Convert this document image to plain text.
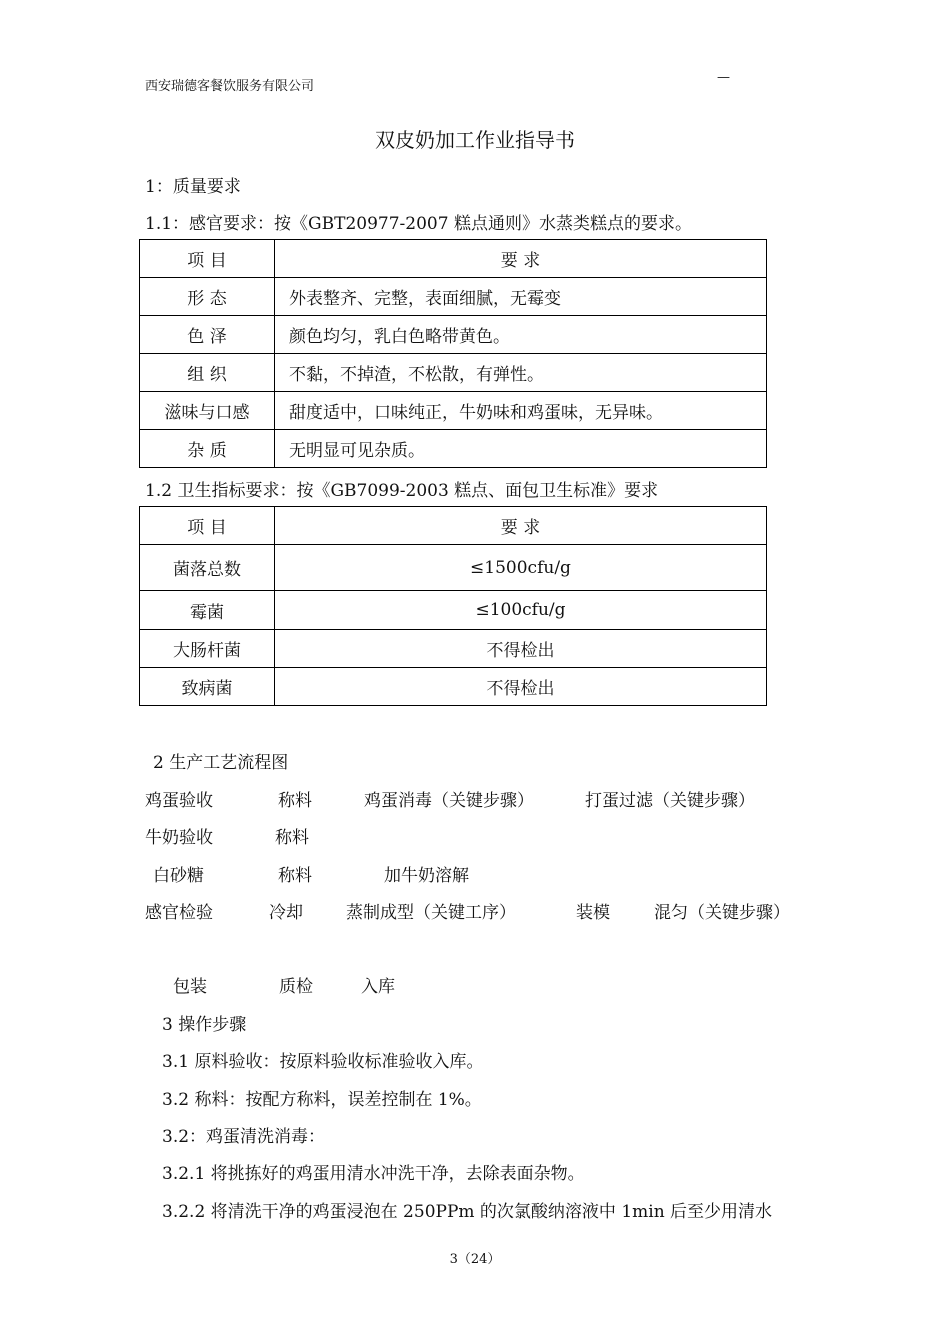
西安瑞德客餐饮服务有限公司
—
双皮奶加工作业指导书
1：质量要求
1.1：感官要求：按《GBT20977-2007 糕点通则》水蒸类糕点的要求。
项 目	要 求
形 态	外表整齐、完整，表面细腻，无霉变
色 泽	颜色均匀，乳白色略带黄色。
组 织	不黏，不掉渣，不松散，有弹性。
滋味与口感	甜度适中，口味纯正，牛奶味和鸡蛋味，无异味。
杂 质	无明显可见杂质。
1.2 卫生指标要求：按《GB7099-2003 糕点、面包卫生标准》要求
项 目	要 求
菌落总数	≤1500cfu/g
霉菌	≤100cfu/g
大肠杆菌	不得检出
致病菌	不得检出
2 生产工艺流程图
鸡蛋验收	称料	鸡蛋消毒（关键步骤）	打蛋过滤（关键步骤）
牛奶验收	称料
白砂糖	称料	加牛奶溶解
感官检验	冷却	蒸制成型（关键工序）	装模	混匀（关键步骤）
包装	质检	入库
3 操作步骤
3.1 原料验收：按原料验收标准验收入库。
3.2 称料：按配方称料，误差控制在 1%。
3.2：鸡蛋清洗消毒：
3.2.1 将挑拣好的鸡蛋用清水冲洗干净，去除表面杂物。
3.2.2 将清洗干净的鸡蛋浸泡在 250PPm 的次氯酸纳溶液中 1min 后至少用清水
3（24）
